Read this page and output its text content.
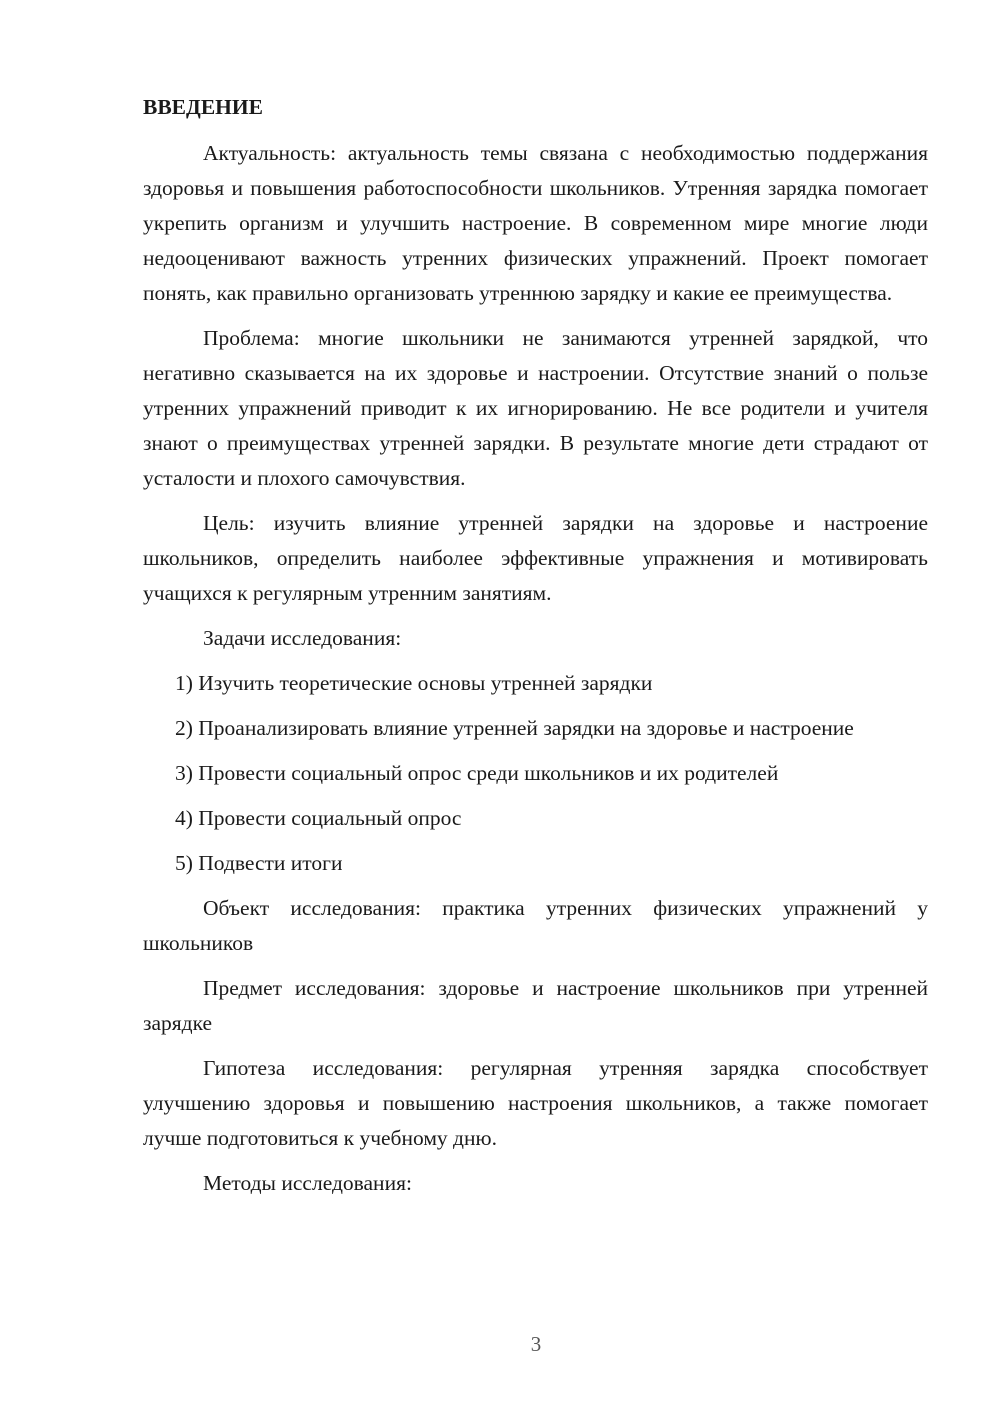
ВВЕДЕНИЕ

Актуальность: актуальность темы связана с необходимостью поддержания здоровья и повышения работоспособности школьников. Утренняя зарядка помогает укрепить организм и улучшить настроение. В современном мире многие люди недооценивают важность утренних физических упражнений. Проект помогает понять, как правильно организовать утреннюю зарядку и какие ее преимущества.

Проблема: многие школьники не занимаются утренней зарядкой, что негативно сказывается на их здоровье и настроении. Отсутствие знаний о пользе утренних упражнений приводит к их игнорированию. Не все родители и учителя знают о преимуществах утренней зарядки. В результате многие дети страдают от усталости и плохого самочувствия.

Цель: изучить влияние утренней зарядки на здоровье и настроение школьников, определить наиболее эффективные упражнения и мотивировать учащихся к регулярным утренним занятиям.

Задачи исследования:

1) Изучить теоретические основы утренней зарядки

2) Проанализировать влияние утренней зарядки на здоровье и настроение

3) Провести социальный опрос среди школьников и их родителей

4) Провести социальный опрос

5) Подвести итоги

Объект исследования: практика утренних физических упражнений у школьников

Предмет исследования: здоровье и настроение школьников при утренней зарядке

Гипотеза исследования: регулярная утренняя зарядка способствует улучшению здоровья и повышению настроения школьников, а также помогает лучше подготовиться к учебному дню.

Методы исследования:

3
